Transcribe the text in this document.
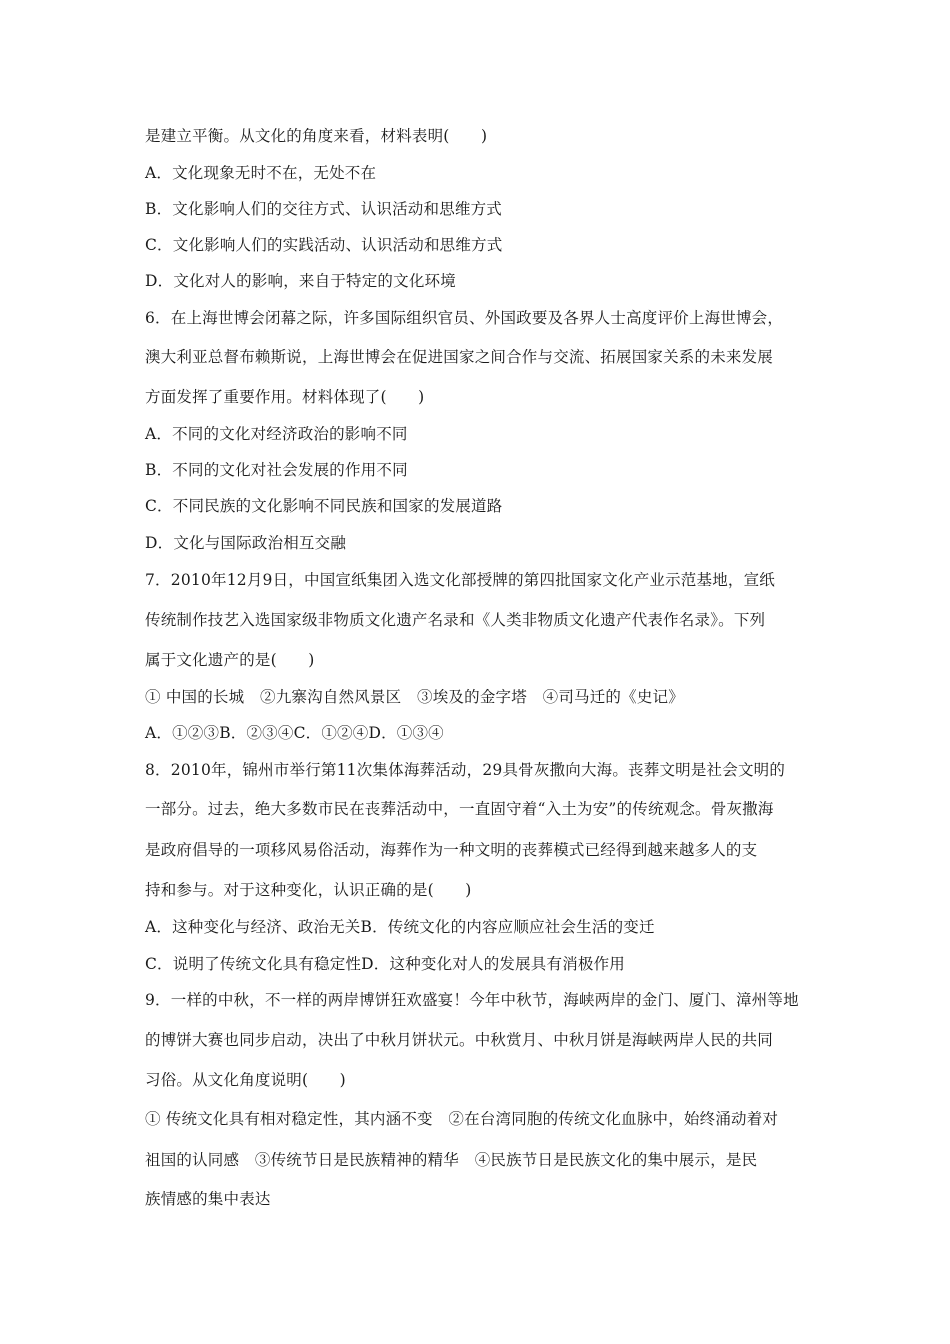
是建立平衡。从文化的角度来看，材料表明(　　)
A．文化现象无时不在，无处不在
B．文化影响人们的交往方式、认识活动和思维方式
C．文化影响人们的实践活动、认识活动和思维方式
D．文化对人的影响，来自于特定的文化环境
6．在上海世博会闭幕之际，许多国际组织官员、外国政要及各界人士高度评价上海世博会，
澳大利亚总督布赖斯说，上海世博会在促进国家之间合作与交流、拓展国家关系的未来发展
方面发挥了重要作用。材料体现了(　　)
A．不同的文化对经济政治的影响不同
B．不同的文化对社会发展的作用不同
C．不同民族的文化影响不同民族和国家的发展道路
D．文化与国际政治相互交融
7．2010年12月9日，中国宣纸集团入选文化部授牌的第四批国家文化产业示范基地，宣纸
传统制作技艺入选国家级非物质文化遗产名录和《人类非物质文化遗产代表作名录》。下列
属于文化遗产的是(　　)
① 中国的长城　②九寨沟自然风景区　③埃及的金字塔　④司马迁的《史记》
A．①②③B．②③④C．①②④D．①③④
8．2010年，锦州市举行第11次集体海葬活动，29具骨灰撒向大海。丧葬文明是社会文明的
一部分。过去，绝大多数市民在丧葬活动中，一直固守着“入土为安”的传统观念。骨灰撒海
是政府倡导的一项移风易俗活动，海葬作为一种文明的丧葬模式已经得到越来越多人的支
持和参与。对于这种变化，认识正确的是(　　)
A．这种变化与经济、政治无关B．传统文化的内容应顺应社会生活的变迁
C．说明了传统文化具有稳定性D．这种变化对人的发展具有消极作用
9．一样的中秋，不一样的两岸博饼狂欢盛宴！今年中秋节，海峡两岸的金门、厦门、漳州等地
的博饼大赛也同步启动，决出了中秋月饼状元。中秋赏月、中秋月饼是海峡两岸人民的共同
习俗。从文化角度说明(　　)
① 传统文化具有相对稳定性，其内涵不变　②在台湾同胞的传统文化血脉中，始终涌动着对
祖国的认同感　③传统节日是民族精神的精华　④民族节日是民族文化的集中展示，是民
族情感的集中表达
